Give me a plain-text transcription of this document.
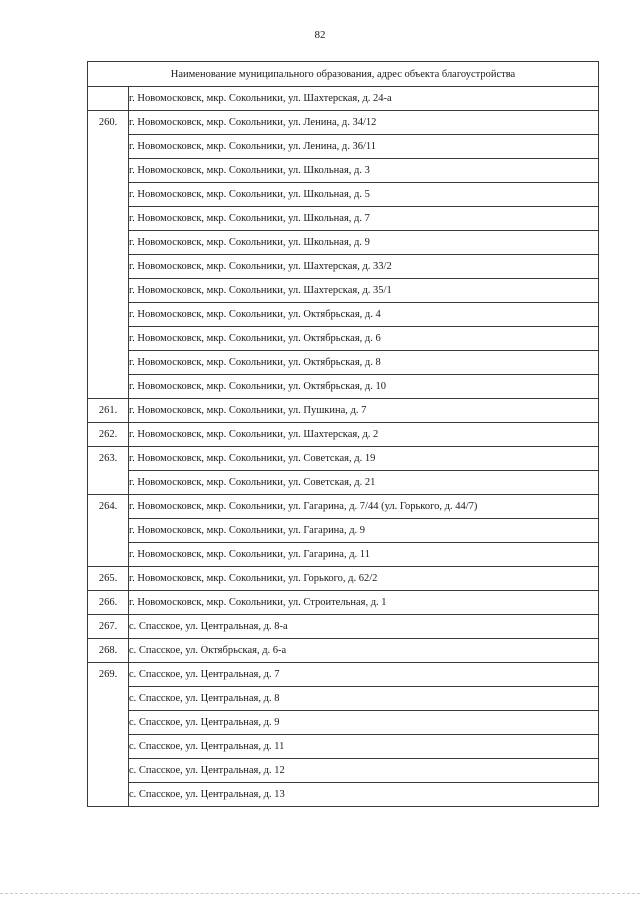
82
Наименование муниципального образования, адрес объекта благоустройства	
	г. Новомосковск, мкр. Сокольники, ул. Шахтерская, д. 24-а
260.	г. Новомосковск, мкр. Сокольники, ул. Ленина, д. 34/12
	г. Новомосковск, мкр. Сокольники, ул. Ленина, д. 36/11
	г. Новомосковск, мкр. Сокольники, ул. Школьная, д. 3
	г. Новомосковск, мкр. Сокольники, ул. Школьная, д. 5
	г. Новомосковск, мкр. Сокольники, ул. Школьная, д. 7
	г. Новомосковск, мкр. Сокольники, ул. Школьная, д. 9
	г. Новомосковск, мкр. Сокольники, ул. Шахтерская, д. 33/2
	г. Новомосковск, мкр. Сокольники, ул. Шахтерская, д. 35/1
	г. Новомосковск, мкр. Сокольники, ул. Октябрьская, д. 4
	г. Новомосковск, мкр. Сокольники, ул. Октябрьская, д. 6
	г. Новомосковск, мкр. Сокольники, ул. Октябрьская, д. 8
	г. Новомосковск, мкр. Сокольники, ул. Октябрьская, д. 10
261.	г. Новомосковск, мкр. Сокольники, ул. Пушкина, д. 7
262.	г. Новомосковск, мкр. Сокольники, ул. Шахтерская, д. 2
263.	г. Новомосковск, мкр. Сокольники, ул. Советская, д. 19
	г. Новомосковск, мкр. Сокольники, ул. Советская, д. 21
264.	г. Новомосковск, мкр. Сокольники, ул. Гагарина, д. 7/44 (ул. Горького, д. 44/7)
	г. Новомосковск, мкр. Сокольники, ул. Гагарина, д. 9
	г. Новомосковск, мкр. Сокольники, ул. Гагарина, д. 11
265.	г. Новомосковск, мкр. Сокольники, ул. Горького, д. 62/2
266.	г. Новомосковск, мкр. Сокольники, ул. Строительная, д. 1
267.	с. Спасское, ул. Центральная, д. 8-а
268.	с. Спасское, ул. Октябрьская, д. 6-а
269.	с. Спасское, ул. Центральная, д. 7
	с. Спасское, ул. Центральная, д. 8
	с. Спасское, ул. Центральная, д. 9
	с. Спасское, ул. Центральная, д. 11
	с. Спасское, ул. Центральная, д. 12
	с. Спасское, ул. Центральная, д. 13
